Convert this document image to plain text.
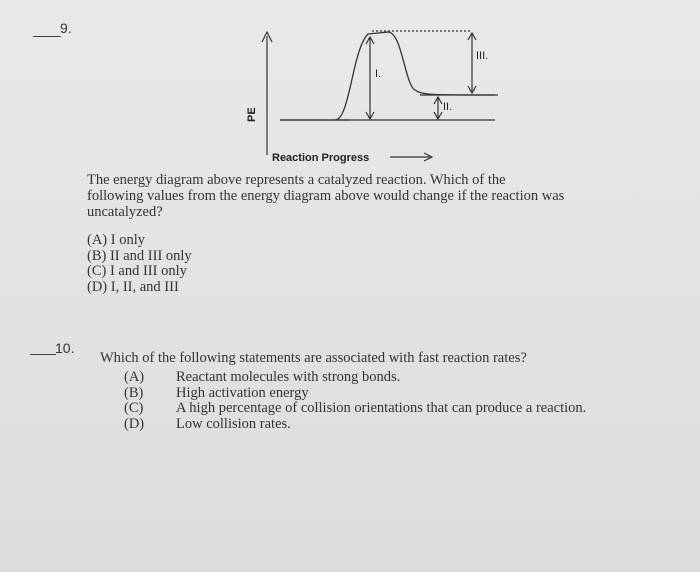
9.
I.
II.
III.
PE
Reaction Progress
The energy diagram above represents a catalyzed reaction. Which of the
following values from the energy diagram above would change if the reaction was
uncatalyzed?
(A) I only
(B) II and III only
(C) I and III only
(D) I, II, and III
10.
Which of the following statements are associated with fast reaction rates?
(A)	Reactant molecules with strong bonds.
(B)	High activation energy
(C)	A high percentage of collision orientations that can produce a reaction.
(D)	Low collision rates.
